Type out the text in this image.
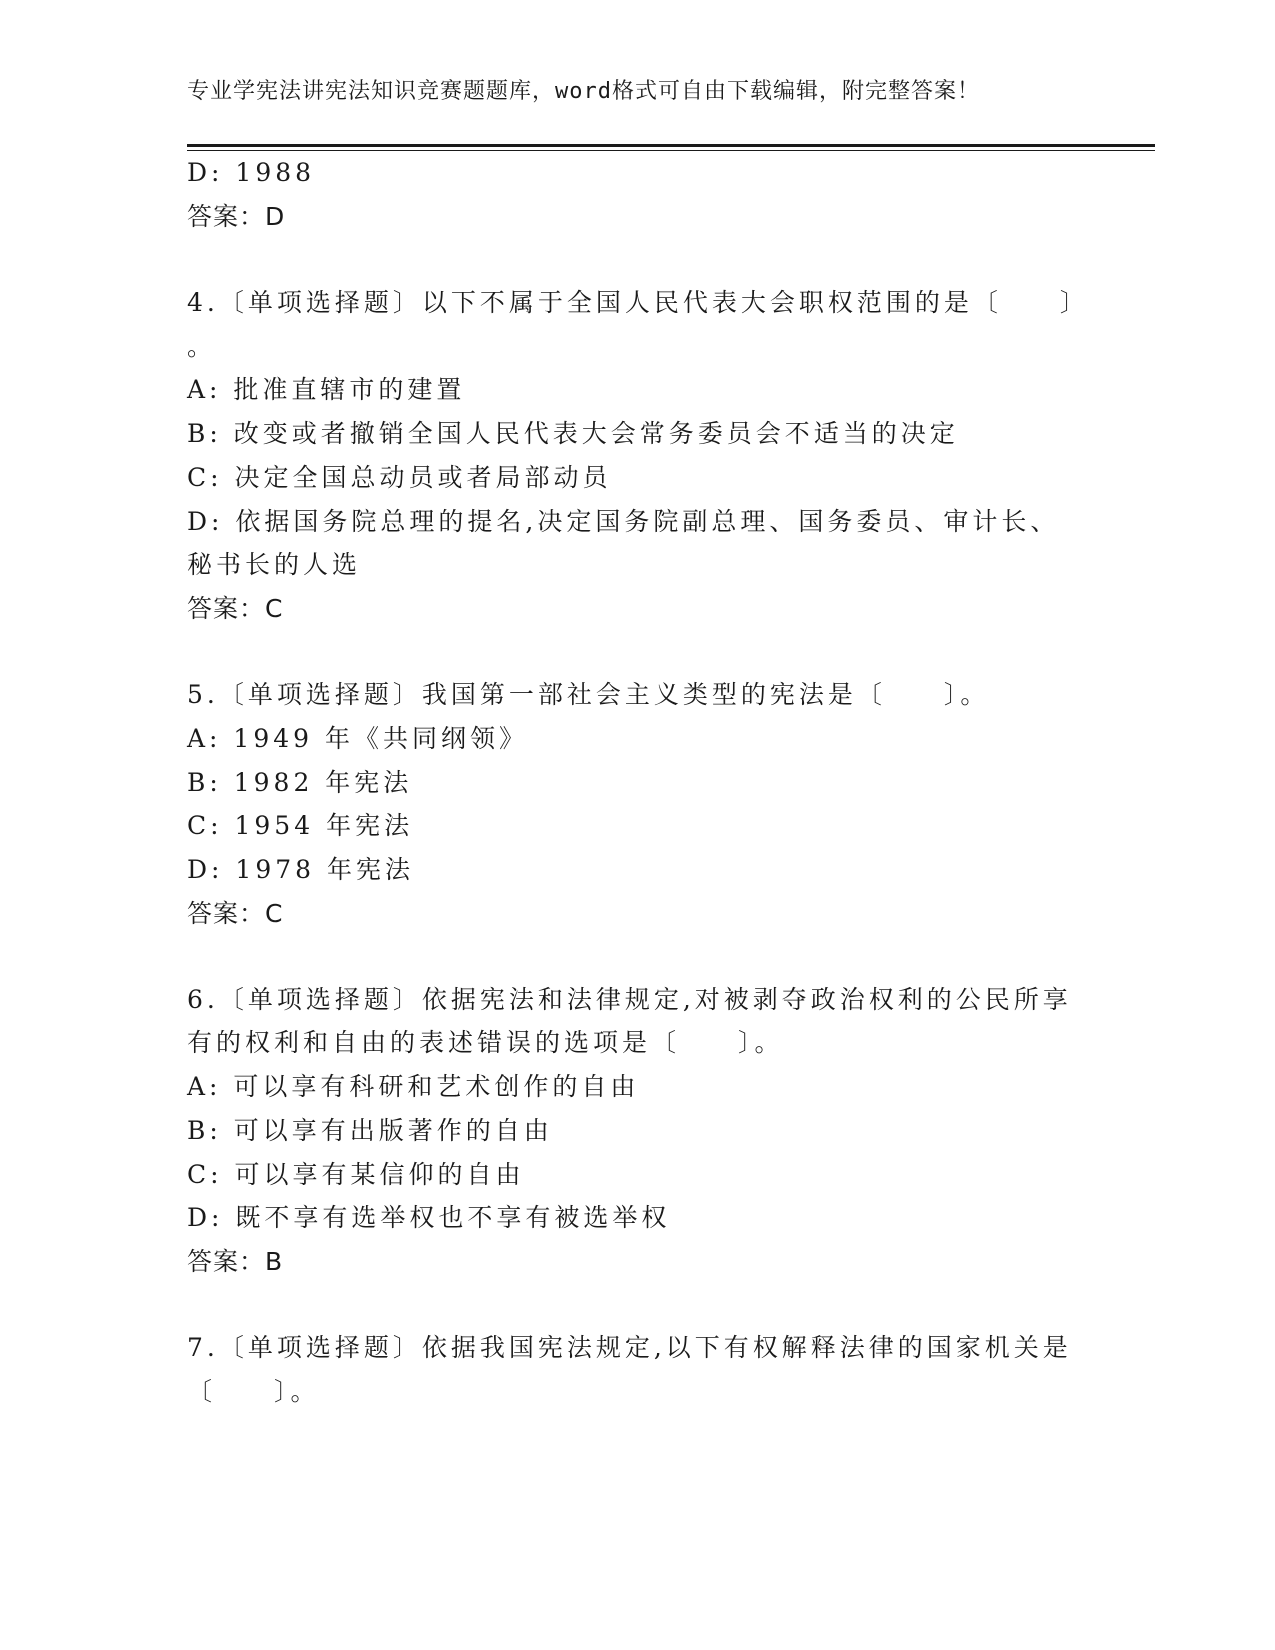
专业学宪法讲宪法知识竞赛题题库，word格式可自由下载编辑，附完整答案！
D: 1988
答案：D
4.〔单项选择题〕以下不属于全国人民代表大会职权范围的是〔　　〕
。
A: 批准直辖市的建置
B: 改变或者撤销全国人民代表大会常务委员会不适当的决定
C: 决定全国总动员或者局部动员
D: 依据国务院总理的提名,决定国务院副总理、国务委员、审计长、
秘书长的人选
答案：C
5.〔单项选择题〕我国第一部社会主义类型的宪法是〔　　〕。
A: 1949 年《共同纲领》
B: 1982 年宪法
C: 1954 年宪法
D: 1978 年宪法
答案：C
6.〔单项选择题〕依据宪法和法律规定,对被剥夺政治权利的公民所享
有的权利和自由的表述错误的选项是〔　　〕。
A: 可以享有科研和艺术创作的自由
B: 可以享有出版著作的自由
C: 可以享有某信仰的自由
D: 既不享有选举权也不享有被选举权
答案：B
7.〔单项选择题〕依据我国宪法规定,以下有权解释法律的国家机关是
〔　　〕。
